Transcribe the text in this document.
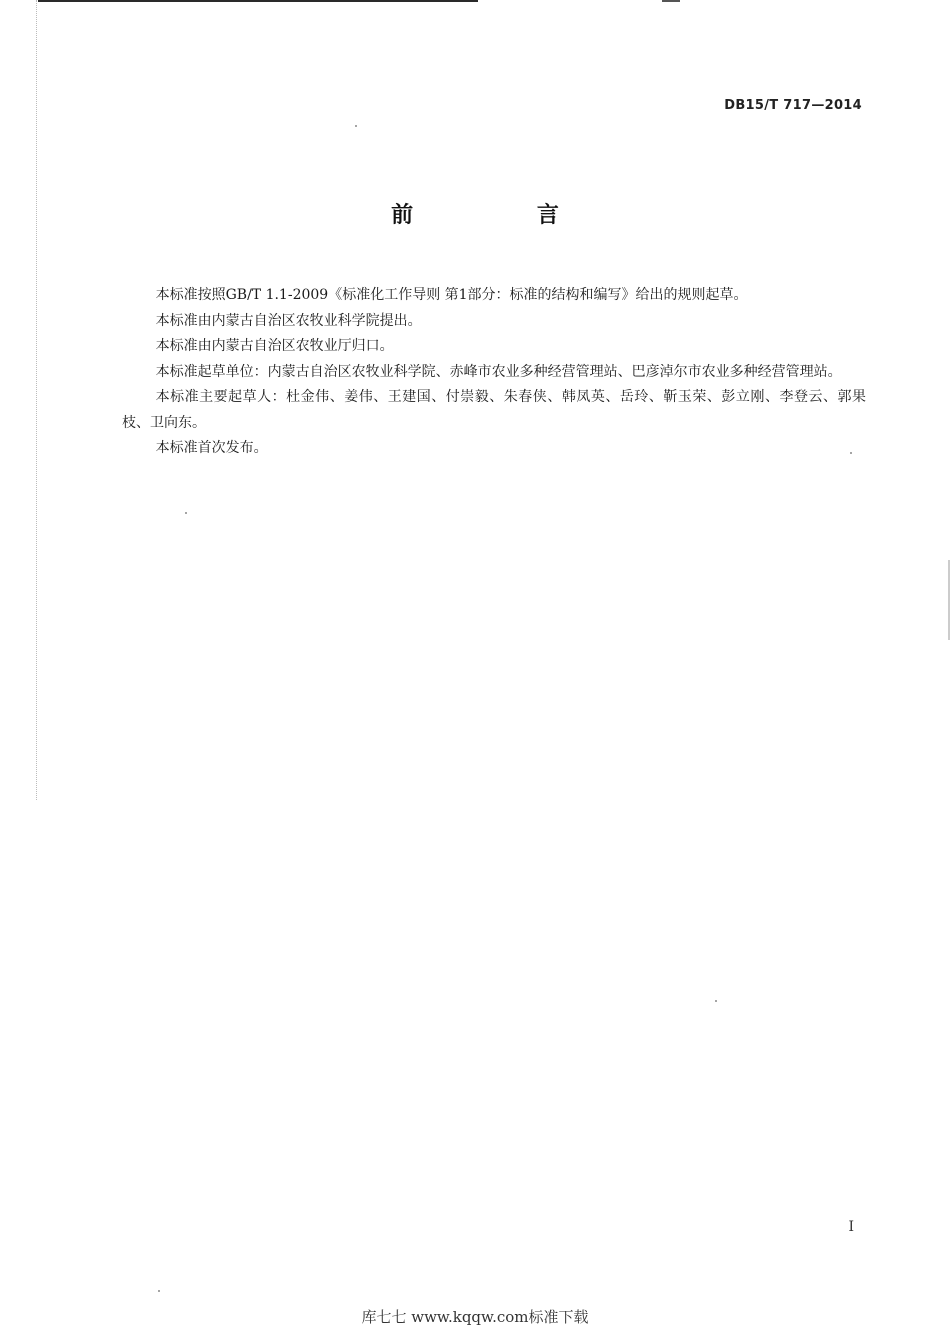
DB15/T 717—2014
前 言

本标准按照GB/T 1.1-2009《标准化工作导则 第1部分：标准的结构和编写》给出的规则起草。

本标准由内蒙古自治区农牧业科学院提出。

本标准由内蒙古自治区农牧业厅归口。

本标准起草单位：内蒙古自治区农牧业科学院、赤峰市农业多种经营管理站、巴彦淖尔市农业多种经营管理站。

本标准主要起草人：杜金伟、姜伟、王建国、付崇毅、朱春侠、韩凤英、岳玲、靳玉荣、彭立刚、李登云、郭果枝、卫向东。

本标准首次发布。

I
库七七 www.kqqw.com标准下载
